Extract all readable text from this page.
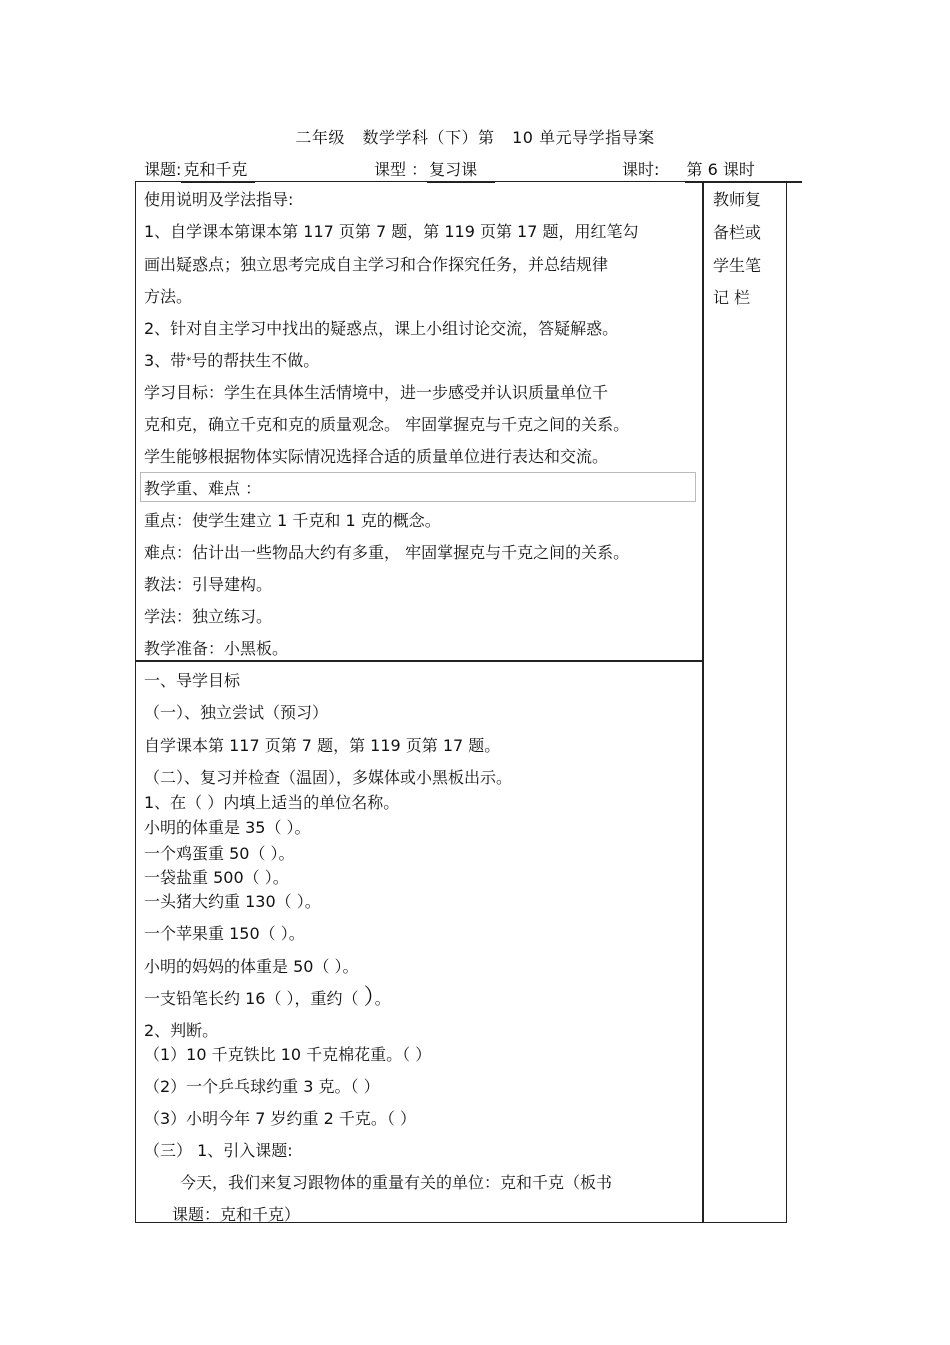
二年级 数学学科（下）第 10 单元导学指导案
课题: 克和千克	课型 ： 复习课	课时: 第 6 课时
教师复
备栏或
学生笔
记 栏
使用说明及学法指导:
1、自学课本第课本第 117 页第 7 题，第 119 页第 17 题，用红笔勾
画出疑惑点；独立思考完成自主学习和合作探究任务，并总结规律
方法。
2、针对自主学习中找出的疑惑点，课上小组讨论交流，答疑解惑。
3、带*号的帮扶生不做。
学习目标：学生在具体生活情境中，进一步感受并认识质量单位千
克和克，确立千克和克的质量观念。 牢固掌握克与千克之间的关系。
学生能够根据物体实际情况选择合适的质量单位进行表达和交流。
教学重、难点 ：
重点：使学生建立 1 千克和 1 克的概念。
难点：估计出一些物品大约有多重， 牢固掌握克与千克之间的关系。
教法：引导建构。
学法：独立练习。
教学准备：小黑板。
一、导学目标
（一）、独立尝试（预习）
自学课本第 117 页第 7 题，第 119 页第 17 题。
（二）、复习并检查（温固），多媒体或小黑板出示。
1、在（ ）内填上适当的单位名称。
小明的体重是 35（ ）。
一个鸡蛋重 50（ ）。
一袋盐重 500（ ）。
一头猪大约重 130（ ）。
一个苹果重 150（ ）。
小明的妈妈的体重是 50（ ）。
一支铅笔长约 16（ ），重约（ ）。
2、判断。
（1）10 千克铁比 10 千克棉花重。（ ）
（2）一个乒乓球约重 3 克。（ ）
（3）小明今年 7 岁约重 2 千克。（ ）
（三） 1、引入课题:
今天，我们来复习跟物体的重量有关的单位：克和千克（板书
课题：克和千克）
